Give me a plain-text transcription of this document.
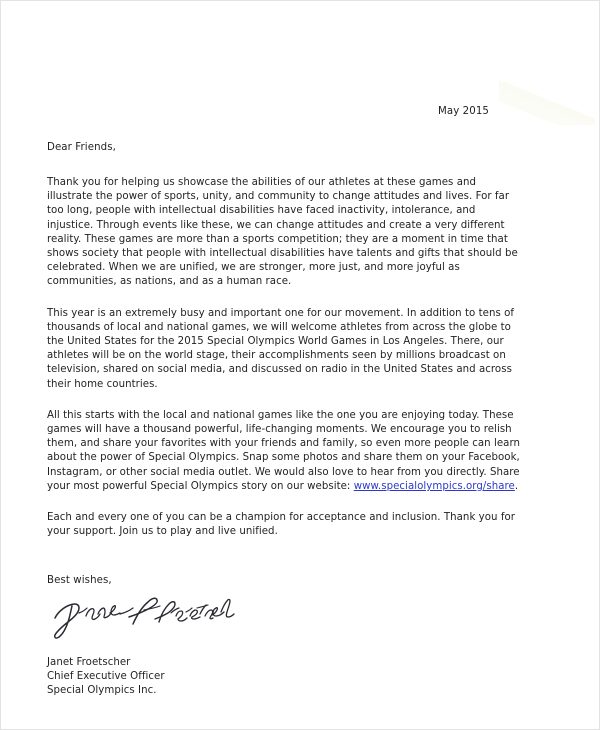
May 2015

Dear Friends,

Thank you for helping us showcase the abilities of our athletes at these games and illustrate the power of sports, unity, and community to change attitudes and lives. For far too long, people with intellectual disabilities have faced inactivity, intolerance, and injustice. Through events like these, we can change attitudes and create a very different reality. These games are more than a sports competition; they are a moment in time that shows society that people with intellectual disabilities have talents and gifts that should be celebrated. When we are unified, we are stronger, more just, and more joyful as communities, as nations, and as a human race.

This year is an extremely busy and important one for our movement. In addition to tens of thousands of local and national games, we will welcome athletes from across the globe to the United States for the 2015 Special Olympics World Games in Los Angeles. There, our athletes will be on the world stage, their accomplishments seen by millions broadcast on television, shared on social media, and discussed on radio in the United States and across their home countries.

All this starts with the local and national games like the one you are enjoying today. These games will have a thousand powerful, life-changing moments. We encourage you to relish them, and share your favorites with your friends and family, so even more people can learn about the power of Special Olympics. Snap some photos and share them on your Facebook, Instagram, or other social media outlet. We would also love to hear from you directly. Share your most powerful Special Olympics story on our website: www.specialolympics.org/share.

Each and every one of you can be a champion for acceptance and inclusion. Thank you for your support. Join us to play and live unified.

Best wishes,

Janet Froetscher
Chief Executive Officer
Special Olympics Inc.
